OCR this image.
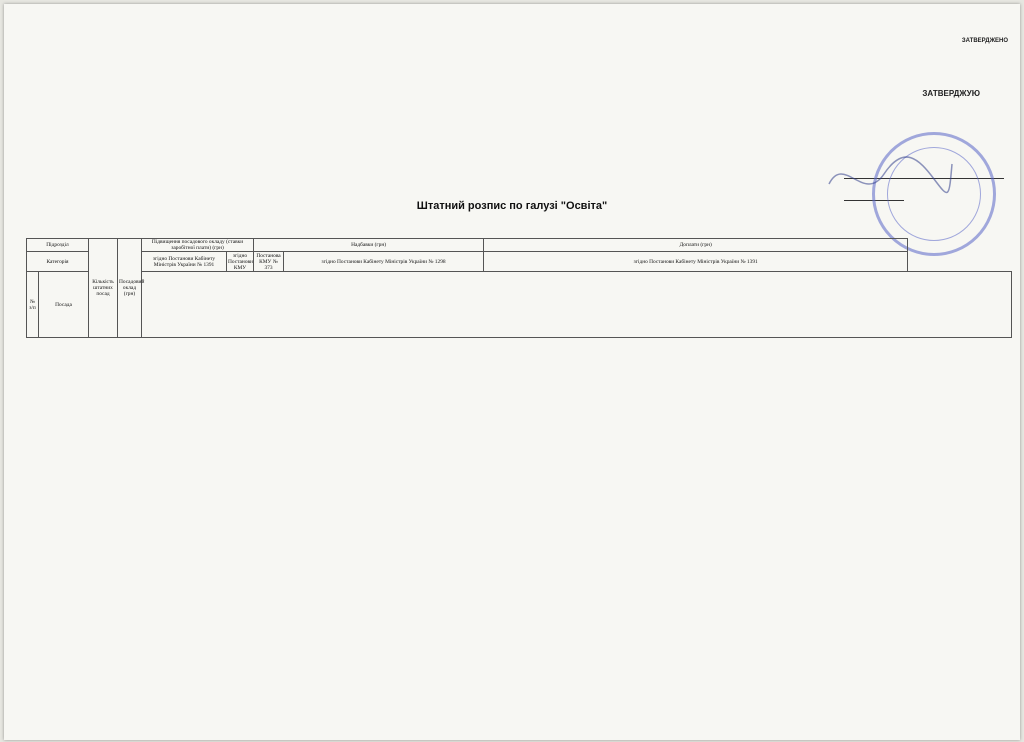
ЗАТВЕРДЖЕНО
ЗАТВЕРДЖУЮ
Штатний розпис по галузі "Освіта"
Підрозділ		Кількість штатних посад	Посадовий оклад (грн)	Підвищення посадового окладу (ставки заробітної плати) (грн)		Надбавки (грн)		Доплати (грн)
Категорія				згідно Постанови Кабінету Міністрів України № 1391	згідно Постанови КМУ	Постанова КМУ № 373	згідно Постанови Кабінету Міністрів України № 1298	згідно Постанови Кабінету Міністрів України № 1391
№ з/п	Посада							
